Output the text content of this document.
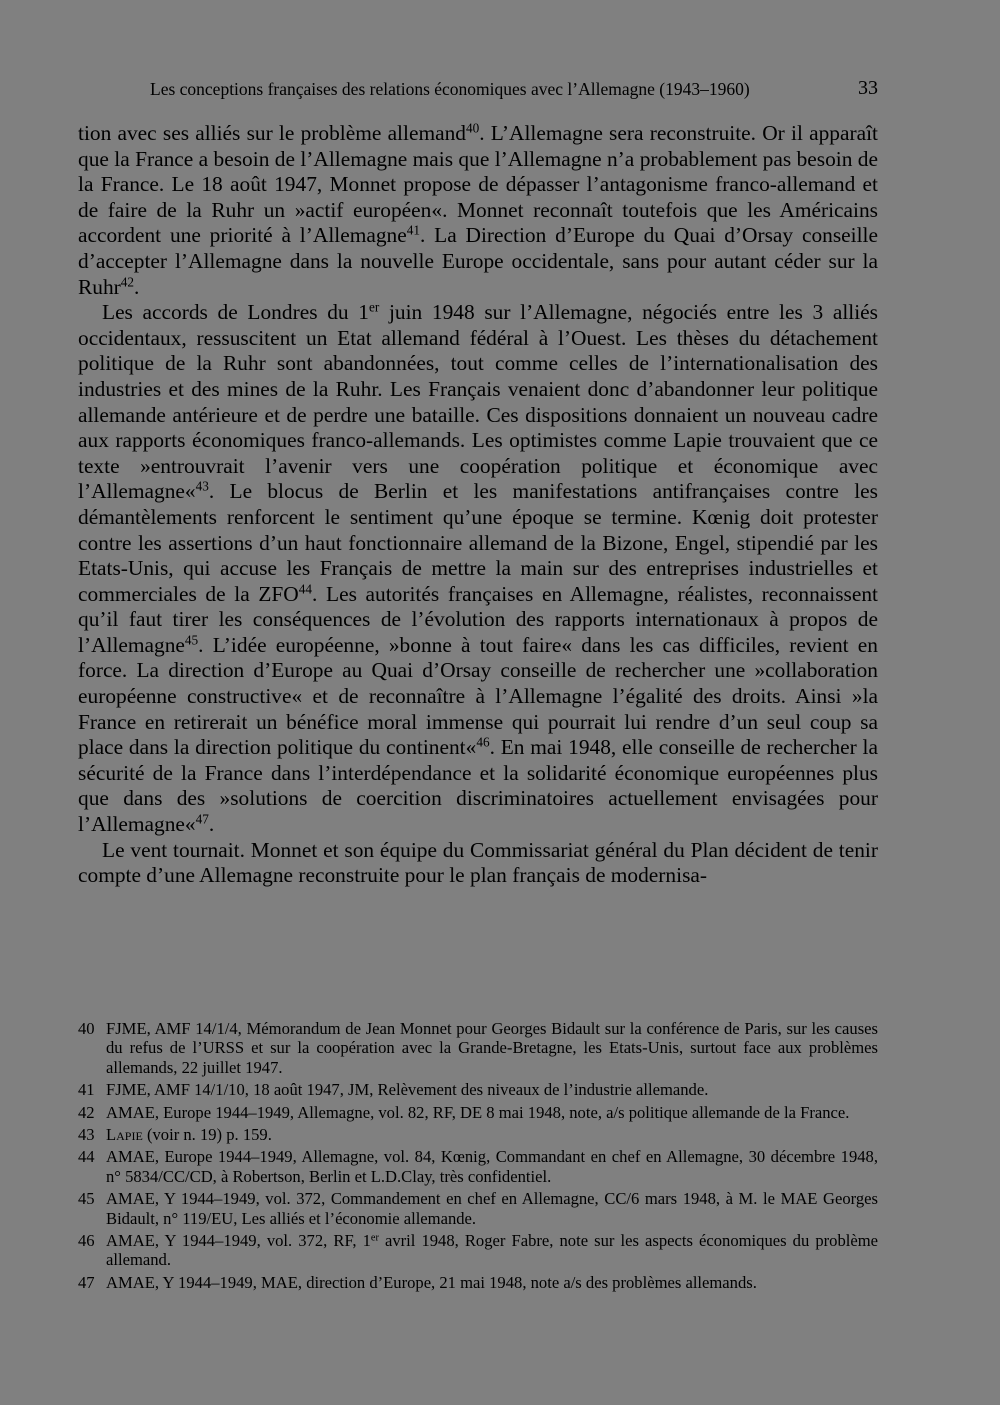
Les conceptions françaises des relations économiques avec l’Allemagne (1943–1960)	33

tion avec ses alliés sur le problème allemand$^{40}$. L’Allemagne sera reconstruite. Or il apparaît que la France a besoin de l’Allemagne mais que l’Allemagne n’a probablement pas besoin de la France. Le 18 août 1947, Monnet propose de dépasser l’antagonisme franco-allemand et de faire de la Ruhr un »actif européen«. Monnet reconnaît toutefois que les Américains accordent une priorité à l’Allemagne$^{41}$. La Direction d’Europe du Quai d’Orsay conseille d’accepter l’Allemagne dans la nouvelle Europe occidentale, sans pour autant céder sur la Ruhr$^{42}$.

Les accords de Londres du 1er juin 1948 sur l’Allemagne, négociés entre les 3 alliés occidentaux, ressuscitent un Etat allemand fédéral à l’Ouest. Les thèses du détachement politique de la Ruhr sont abandonnées, tout comme celles de l’internationalisation des industries et des mines de la Ruhr. Les Français venaient donc d’abandonner leur politique allemande antérieure et de perdre une bataille. Ces dispositions donnaient un nouveau cadre aux rapports économiques franco-allemands. Les optimistes comme Lapie trouvaient que ce texte »entrouvrait l’avenir vers une coopération politique et économique avec l’Allemagne«$^{43}$. Le blocus de Berlin et les manifestations antifrançaises contre les démantèlements renforcent le sentiment qu’une époque se termine. Kœnig doit protester contre les assertions d’un haut fonctionnaire allemand de la Bizone, Engel, stipendié par les Etats-Unis, qui accuse les Français de mettre la main sur des entreprises industrielles et commerciales de la ZFO$^{44}$. Les autorités françaises en Allemagne, réalistes, reconnaissent qu’il faut tirer les conséquences de l’évolution des rapports internationaux à propos de l’Allemagne$^{45}$. L’idée européenne, »bonne à tout faire« dans les cas difficiles, revient en force. La direction d’Europe au Quai d’Orsay conseille de rechercher une »collaboration européenne constructive« et de reconnaître à l’Allemagne l’égalité des droits. Ainsi »la France en retirerait un bénéfice moral immense qui pourrait lui rendre d’un seul coup sa place dans la direction politique du continent«$^{46}$. En mai 1948, elle conseille de rechercher la sécurité de la France dans l’interdépendance et la solidarité économique européennes plus que dans des »solutions de coercition discriminatoires actuellement envisagées pour l’Allemagne«$^{47}$.

Le vent tournait. Monnet et son équipe du Commissariat général du Plan décident de tenir compte d’une Allemagne reconstruite pour le plan français de modernisa-

40 FJME, AMF 14/1/4, Mémorandum de Jean Monnet pour Georges Bidault sur la conférence de Paris, sur les causes du refus de l’URSS et sur la coopération avec la Grande-Bretagne, les Etats-Unis, surtout face aux problèmes allemands, 22 juillet 1947.
41 FJME, AMF 14/1/10, 18 août 1947, JM, Relèvement des niveaux de l’industrie allemande.
42 AMAE, Europe 1944–1949, Allemagne, vol. 82, RF, DE 8 mai 1948, note, a/s politique allemande de la France.
43 Lapie (voir n. 19) p. 159.
44 AMAE, Europe 1944–1949, Allemagne, vol. 84, Kœnig, Commandant en chef en Allemagne, 30 décembre 1948, n° 5834/CC/CD, à Robertson, Berlin et L.D.Clay, très confidentiel.
45 AMAE, Y 1944–1949, vol. 372, Commandement en chef en Allemagne, CC/6 mars 1948, à M. le MAE Georges Bidault, n° 119/EU, Les alliés et l’économie allemande.
46 AMAE, Y 1944–1949, vol. 372, RF, 1er avril 1948, Roger Fabre, note sur les aspects économiques du problème allemand.
47 AMAE, Y 1944–1949, MAE, direction d’Europe, 21 mai 1948, note a/s des problèmes allemands.
